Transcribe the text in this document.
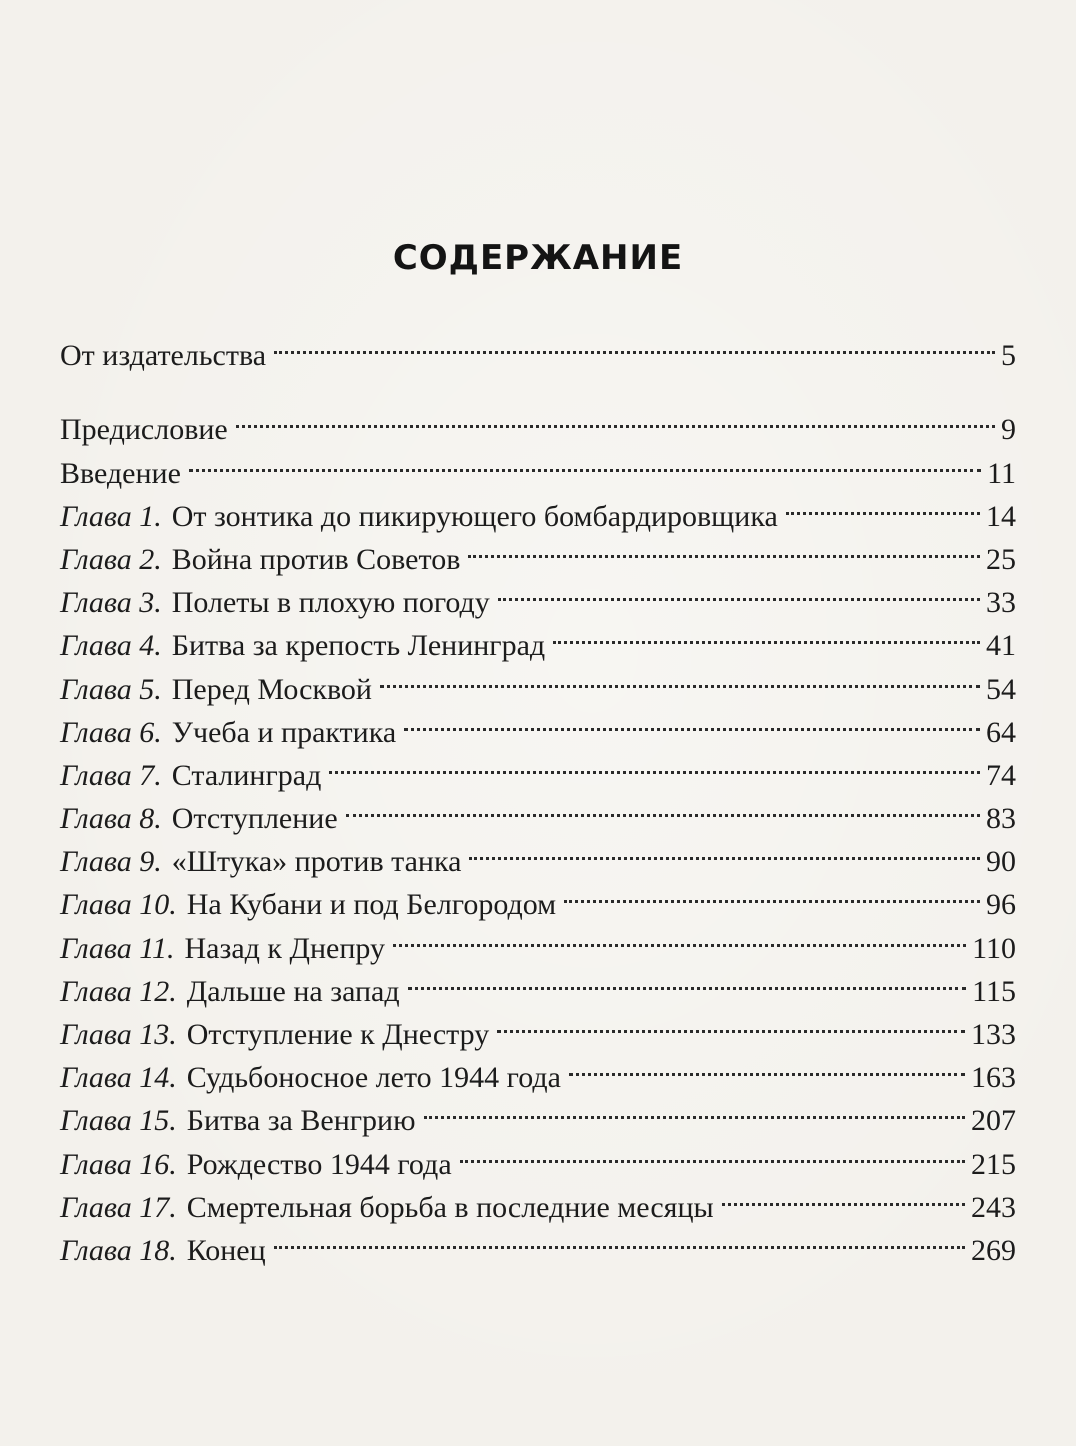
СОДЕРЖАНИЕ
От издательства	5
Предисловие	9
Введение	11
Глава 1. От зонтика до пикирующего бомбардировщика	14
Глава 2. Война против Советов	25
Глава 3. Полеты в плохую погоду	33
Глава 4. Битва за крепость Ленинград	41
Глава 5. Перед Москвой	54
Глава 6. Учеба и практика	64
Глава 7. Сталинград	74
Глава 8. Отступление	83
Глава 9. «Штука» против танка	90
Глава 10. На Кубани и под Белгородом	96
Глава 11. Назад к Днепру	110
Глава 12. Дальше на запад	115
Глава 13. Отступление к Днестру	133
Глава 14. Судьбоносное лето 1944 года	163
Глава 15. Битва за Венгрию	207
Глава 16. Рождество 1944 года	215
Глава 17. Смертельная борьба в последние месяцы	243
Глава 18. Конец	269
